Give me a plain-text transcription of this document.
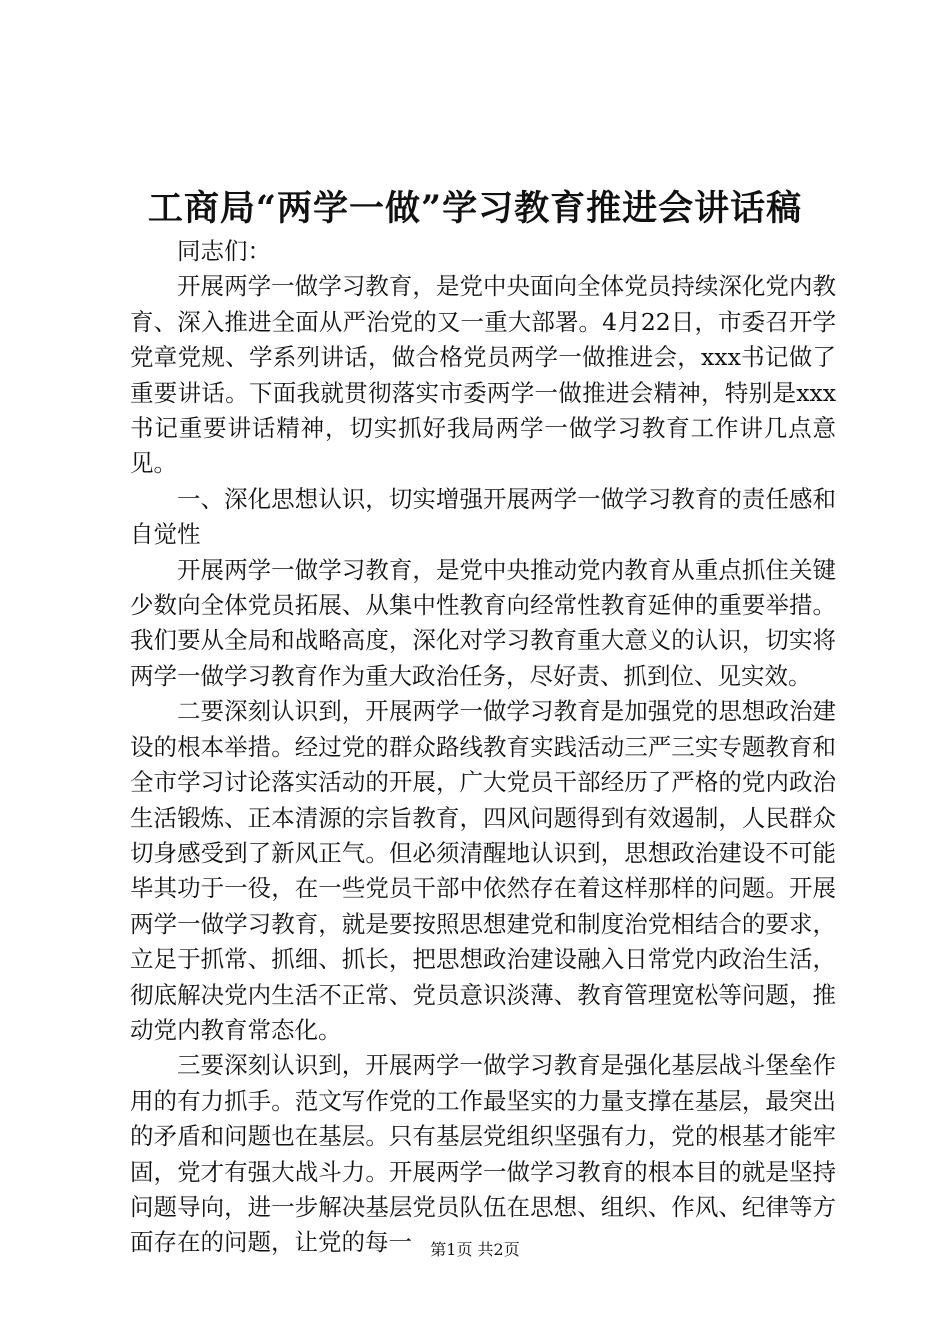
工商局“两学一做”学习教育推进会讲话稿

同志们：

开展两学一做学习教育，是党中央面向全体党员持续深化党内教育、深入推进全面从严治党的又一重大部署。4月22日，市委召开学党章党规、学系列讲话，做合格党员两学一做推进会，xxx书记做了重要讲话。下面我就贯彻落实市委两学一做推进会精神，特别是xxx书记重要讲话精神，切实抓好我局两学一做学习教育工作讲几点意见。

一、深化思想认识，切实增强开展两学一做学习教育的责任感和自觉性

开展两学一做学习教育，是党中央推动党内教育从重点抓住关键少数向全体党员拓展、从集中性教育向经常性教育延伸的重要举措。我们要从全局和战略高度，深化对学习教育重大意义的认识，切实将两学一做学习教育作为重大政治任务，尽好责、抓到位、见实效。

二要深刻认识到，开展两学一做学习教育是加强党的思想政治建设的根本举措。经过党的群众路线教育实践活动三严三实专题教育和全市学习讨论落实活动的开展，广大党员干部经历了严格的党内政治生活锻炼、正本清源的宗旨教育，四风问题得到有效遏制，人民群众切身感受到了新风正气。但必须清醒地认识到，思想政治建设不可能毕其功于一役，在一些党员干部中依然存在着这样那样的问题。开展两学一做学习教育，就是要按照思想建党和制度治党相结合的要求，立足于抓常、抓细、抓长，把思想政治建设融入日常党内政治生活，彻底解决党内生活不正常、党员意识淡薄、教育管理宽松等问题，推动党内教育常态化。

三要深刻认识到，开展两学一做学习教育是强化基层战斗堡垒作用的有力抓手。范文写作党的工作最坚实的力量支撑在基层，最突出的矛盾和问题也在基层。只有基层党组织坚强有力，党的根基才能牢固，党才有强大战斗力。开展两学一做学习教育的根本目的就是坚持问题导向，进一步解决基层党员队伍在思想、组织、作风、纪律等方面存在的问题，让党的每一	第1页 共2页
